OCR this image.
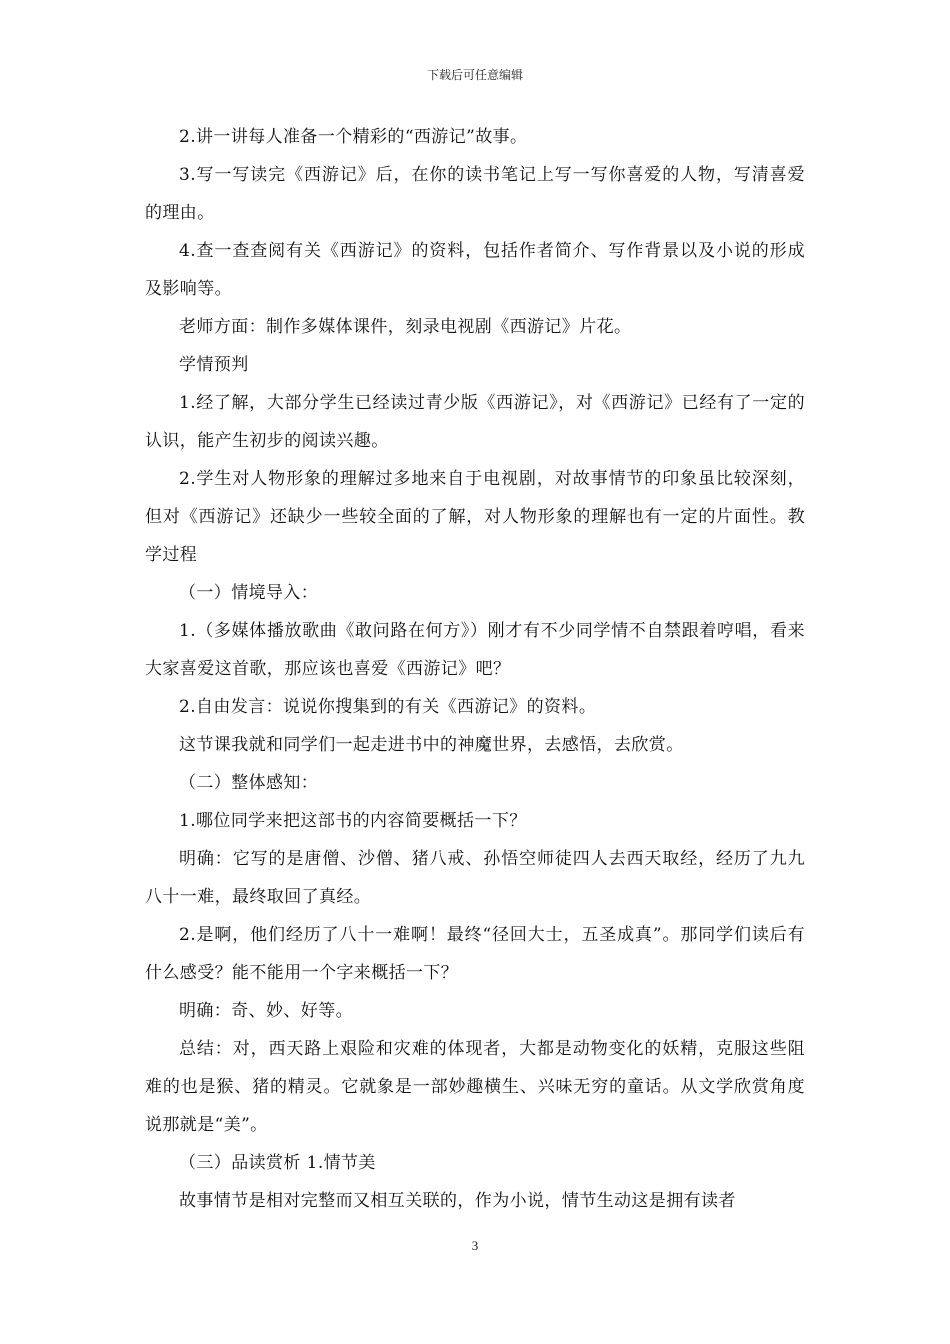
下载后可任意编辑

2.讲一讲每人准备一个精彩的“西游记”故事。

3.写一写读完《西游记》后，在你的读书笔记上写一写你喜爱的人物，写清喜爱的理由。

4.查一查查阅有关《西游记》的资料，包括作者简介、写作背景以及小说的形成及影响等。

老师方面：制作多媒体课件，刻录电视剧《西游记》片花。

学情预判

1.经了解，大部分学生已经读过青少版《西游记》，对《西游记》已经有了一定的认识，能产生初步的阅读兴趣。

2.学生对人物形象的理解过多地来自于电视剧，对故事情节的印象虽比较深刻，但对《西游记》还缺少一些较全面的了解，对人物形象的理解也有一定的片面性。教学过程

（一）情境导入：

1.（多媒体播放歌曲《敢问路在何方》）刚才有不少同学情不自禁跟着哼唱，看来大家喜爱这首歌，那应该也喜爱《西游记》吧？

2.自由发言：说说你搜集到的有关《西游记》的资料。

这节课我就和同学们一起走进书中的神魔世界，去感悟，去欣赏。

（二）整体感知：

1.哪位同学来把这部书的内容简要概括一下？

明确：它写的是唐僧、沙僧、猪八戒、孙悟空师徒四人去西天取经，经历了九九八十一难，最终取回了真经。

2.是啊，他们经历了八十一难啊！最终“径回大士，五圣成真”。那同学们读后有什么感受？能不能用一个字来概括一下？

明确：奇、妙、好等。

总结：对，西天路上艰险和灾难的体现者，大都是动物变化的妖精，克服这些阻难的也是猴、猪的精灵。它就象是一部妙趣横生、兴味无穷的童话。从文学欣赏角度说那就是“美”。

（三）品读赏析 1.情节美

故事情节是相对完整而又相互关联的，作为小说，情节生动这是拥有读者

3
